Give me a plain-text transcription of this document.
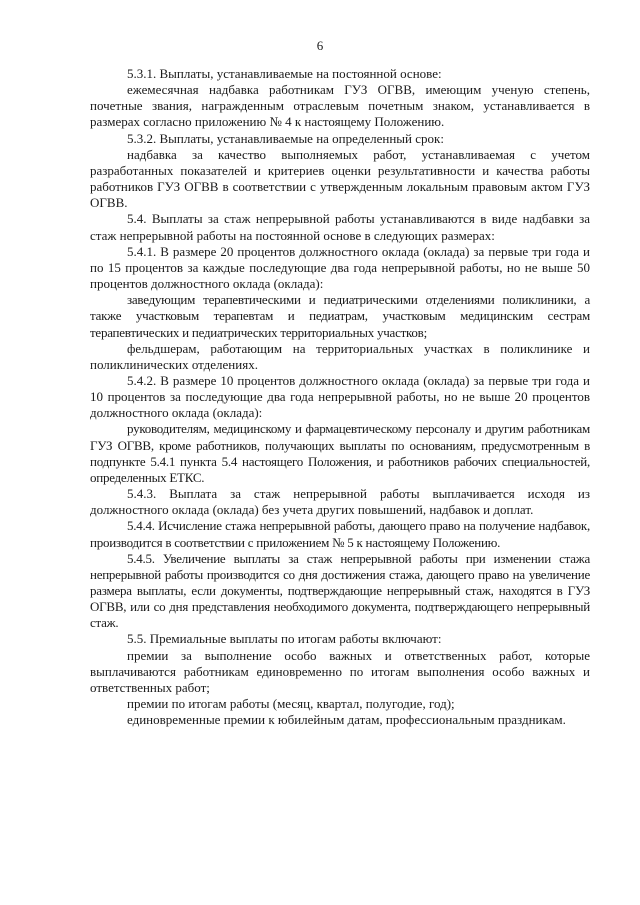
6

5.3.1. Выплаты, устанавливаемые на постоянной основе:

ежемесячная надбавка работникам ГУЗ ОГВВ, имеющим ученую степень, почетные звания, награжденным отраслевым почетным знаком, устанавливается в размерах согласно приложению № 4 к настоящему Положению.

5.3.2. Выплаты, устанавливаемые на определенный срок:

надбавка за качество выполняемых работ, устанавливаемая с учетом разработанных показателей и критериев оценки результативности и качества работы работников ГУЗ ОГВВ в соответствии с утвержденным локальным правовым актом ГУЗ ОГВВ.

5.4. Выплаты за стаж непрерывной работы устанавливаются в виде надбавки за стаж непрерывной работы на постоянной основе в следующих размерах:

5.4.1. В размере 20 процентов должностного оклада (оклада) за первые три года и по 15 процентов за каждые последующие два года непрерывной работы, но не выше 50 процентов должностного оклада (оклада):

заведующим терапевтическими и педиатрическими отделениями поликлиники, а также участковым терапевтам и педиатрам, участковым медицинским сестрам терапевтических и педиатрических территориальных участков;

фельдшерам, работающим на территориальных участках в поликлинике и поликлинических отделениях.

5.4.2. В размере 10 процентов должностного оклада (оклада) за первые три года и 10 процентов за последующие два года непрерывной работы, но не выше 20 процентов должностного оклада (оклада):

руководителям, медицинскому и фармацевтическому персоналу и другим работникам ГУЗ ОГВВ, кроме работников, получающих выплаты по основаниям, предусмотренным в подпункте 5.4.1 пункта 5.4 настоящего Положения, и работников рабочих специальностей, определенных ЕТКС.

5.4.3. Выплата за стаж непрерывной работы выплачивается исходя из должностного оклада (оклада) без учета других повышений, надбавок и доплат.

5.4.4. Исчисление стажа непрерывной работы, дающего право на получение надбавок, производится в соответствии с приложением № 5 к настоящему Положению.

5.4.5. Увеличение выплаты за стаж непрерывной работы при изменении стажа непрерывной работы производится со дня достижения стажа, дающего право на увеличение размера выплаты, если документы, подтверждающие непрерывный стаж, находятся в ГУЗ ОГВВ, или со дня представления необходимого документа, подтверждающего непрерывный стаж.

5.5. Премиальные выплаты по итогам работы включают:

премии за выполнение особо важных и ответственных работ, которые выплачиваются работникам единовременно по итогам выполнения особо важных и ответственных работ;

премии по итогам работы (месяц, квартал, полугодие, год);

единовременные премии к юбилейным датам, профессиональным праздникам.
